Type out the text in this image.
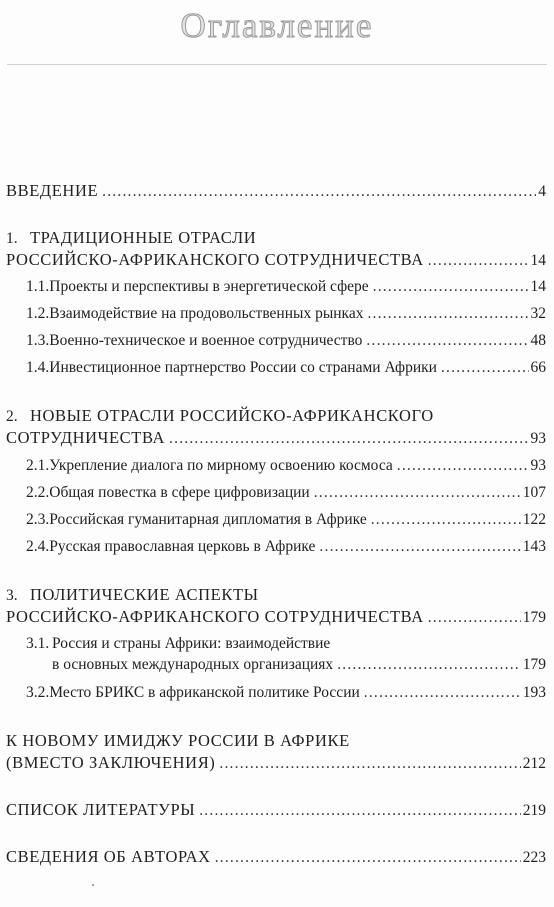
Оглавление
ВВЕДЕНИЕ .....	4
1. ТРАДИЦИОННЫЕ ОТРАСЛИ
РОССИЙСКО-АФРИКАНСКОГО СОТРУДНИЧЕСТВА .....	14
1.1. Проекты и перспективы в энергетической сфере .....	14
1.2. Взаимодействие на продовольственных рынках .....	32
1.3. Военно-техническое и военное сотрудничество .....	48
1.4. Инвестиционное партнерство России со странами Африки .....	66
2. НОВЫЕ ОТРАСЛИ РОССИЙСКО-АФРИКАНСКОГО
СОТРУДНИЧЕСТВА .....	93
2.1. Укрепление диалога по мирному освоению космоса .....	93
2.2. Общая повестка в сфере цифровизации .....	107
2.3. Российская гуманитарная дипломатия в Африке .....	122
2.4. Русская православная церковь в Африке .....	143
3. ПОЛИТИЧЕСКИЕ АСПЕКТЫ
РОССИЙСКО-АФРИКАНСКОГО СОТРУДНИЧЕСТВА .....	179
3.1. Россия и страны Африки: взаимодействие
в основных международных организациях .....	179
3.2. Место БРИКС в африканской политике России .....	193
К НОВОМУ ИМИДЖУ РОССИИ В АФРИКЕ
(ВМЕСТО ЗАКЛЮЧЕНИЯ) .....	212
СПИСОК ЛИТЕРАТУРЫ .....	219
СВЕДЕНИЯ ОБ АВТОРАХ .....	223
